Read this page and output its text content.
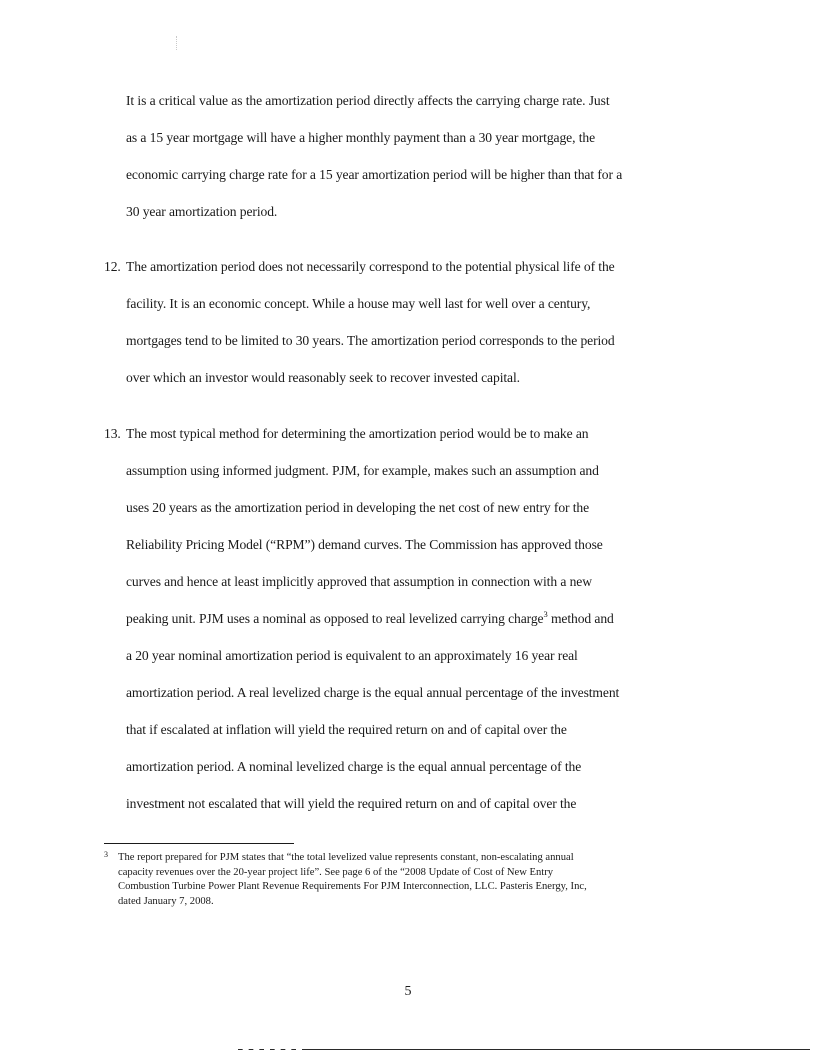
It is a critical value as the amortization period directly affects the carrying charge rate. Just
as a 15 year mortgage will have a higher monthly payment than a 30 year mortgage, the
economic carrying charge rate for a 15 year amortization period will be higher than that for a
30 year amortization period.
12. The amortization period does not necessarily correspond to the potential physical life of the
facility. It is an economic concept. While a house may well last for well over a century,
mortgages tend to be limited to 30 years. The amortization period corresponds to the period
over which an investor would reasonably seek to recover invested capital.
13. The most typical method for determining the amortization period would be to make an
assumption using informed judgment. PJM, for example, makes such an assumption and
uses 20 years as the amortization period in developing the net cost of new entry for the
Reliability Pricing Model (“RPM”) demand curves. The Commission has approved those
curves and hence at least implicitly approved that assumption in connection with a new
peaking unit. PJM uses a nominal as opposed to real levelized carrying charge$^3$ method and
a 20 year nominal amortization period is equivalent to an approximately 16 year real
amortization period. A real levelized charge is the equal annual percentage of the investment
that if escalated at inflation will yield the required return on and of capital over the
amortization period. A nominal levelized charge is the equal annual percentage of the
investment not escalated that will yield the required return on and of capital over the
3 The report prepared for PJM states that “the total levelized value represents constant, non-escalating annual
capacity revenues over the 20-year project life”. See page 6 of the “2008 Update of Cost of New Entry
Combustion Turbine Power Plant Revenue Requirements For PJM Interconnection, LLC. Pasteris Energy, Inc,
dated January 7, 2008.
5
